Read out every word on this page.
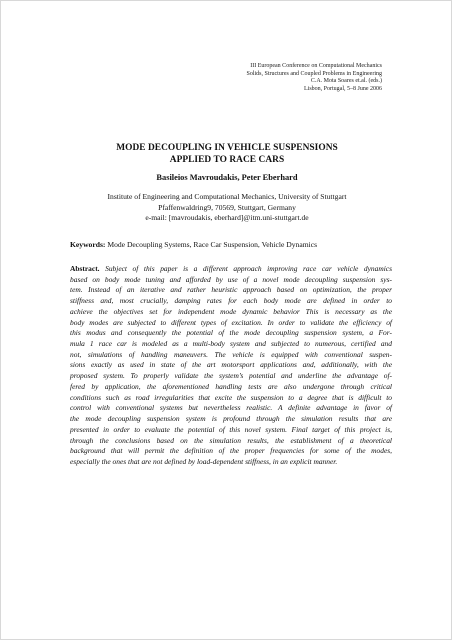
III European Conference on Computational Mechanics
Solids, Structures and Coupled Problems in Engineering
C.A. Mota Soares et.al. (eds.)
Lisbon, Portugal, 5–8 June 2006
MODE DECOUPLING IN VEHICLE SUSPENSIONS
APPLIED TO RACE CARS
Basileios Mavroudakis, Peter Eberhard
Institute of Engineering and Computational Mechanics, University of Stuttgart
Pfaffenwaldring9, 70569, Stuttgart, Germany
e-mail: [mavroudakis, eberhard]@itm.uni-stuttgart.de
Keywords: Mode Decoupling Systems, Race Car Suspension, Vehicle Dynamics
Abstract. Subject of this paper is a different approach improving race car vehicle dynamics
based on body mode tuning and afforded by use of a novel mode decoupling suspension sys-
tem. Instead of an iterative and rather heuristic approach based on optimization, the proper
stiffness and, most crucially, damping rates for each body mode are defined in order to
achieve the objectives set for independent mode dynamic behavior This is necessary as the
body modes are subjected to different types of excitation. In order to validate the efficiency of
this modus and consequently the potential of the mode decoupling suspension system, a For-
mula 1 race car is modeled as a multi-body system and subjected to numerous, certified and
not, simulations of handling maneuvers. The vehicle is equipped with conventional suspen-
sions exactly as used in state of the art motorsport applications and, additionally, with the
proposed system. To properly validate the system’s potential and underline the advantage of-
fered by application, the aforementioned handling tests are also undergone through critical
conditions such as road irregularities that excite the suspension to a degree that is difficult to
control with conventional systems but nevertheless realistic. A definite advantage in favor of
the mode decoupling suspension system is profound through the simulation results that are
presented in order to evaluate the potential of this novel system. Final target of this project is,
through the conclusions based on the simulation results, the establishment of a theoretical
background that will permit the definition of the proper frequencies for some of the modes,
especially the ones that are not defined by load-dependent stiffness, in an explicit manner.
